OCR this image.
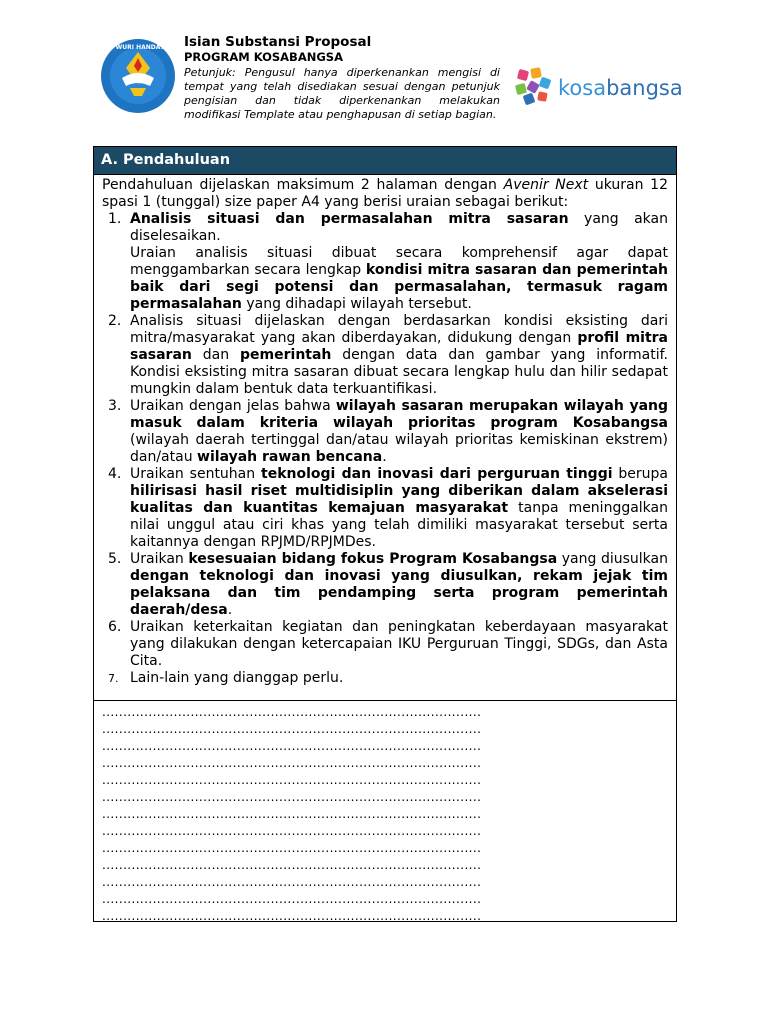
TUT WURI HANDAYANI Isian Substansi Proposal
PROGRAM KOSABANGSA
Petunjuk: Pengusul hanya diperkenankan mengisi di tempat yang telah disediakan sesuai dengan petunjuk pengisian dan tidak diperkenankan melakukan modifikasi Template atau penghapusan di setiap bagian.
kosabangsa
A. Pendahuluan

Pendahuluan dijelaskan maksimum 2 halaman dengan Avenir Next ukuran 12 spasi 1 (tunggal) size paper A4 yang berisi uraian sebagai berikut:

1. Analisis situasi dan permasalahan mitra sasaran yang akan diselesaikan.
Uraian analisis situasi dibuat secara komprehensif agar dapat menggambarkan secara lengkap kondisi mitra sasaran dan pemerintah baik dari segi potensi dan permasalahan, termasuk ragam permasalahan yang dihadapi wilayah tersebut.
2. Analisis situasi dijelaskan dengan berdasarkan kondisi eksisting dari mitra/masyarakat yang akan diberdayakan, didukung dengan profil mitra sasaran dan pemerintah dengan data dan gambar yang informatif. Kondisi eksisting mitra sasaran dibuat secara lengkap hulu dan hilir sedapat mungkin dalam bentuk data terkuantifikasi.
3. Uraikan dengan jelas bahwa wilayah sasaran merupakan wilayah yang masuk dalam kriteria wilayah prioritas program Kosabangsa (wilayah daerah tertinggal dan/atau wilayah prioritas kemiskinan ekstrem) dan/atau wilayah rawan bencana.
4. Uraikan sentuhan teknologi dan inovasi dari perguruan tinggi berupa hilirisasi hasil riset multidisiplin yang diberikan dalam akselerasi kualitas dan kuantitas kemajuan masyarakat tanpa meninggalkan nilai unggul atau ciri khas yang telah dimiliki masyarakat tersebut serta kaitannya dengan RPJMD/RPJMDes.
5. Uraikan kesesuaian bidang fokus Program Kosabangsa yang diusulkan dengan teknologi dan inovasi yang diusulkan, rekam jejak tim pelaksana dan tim pendamping serta program pemerintah daerah/desa.
6. Uraikan keterkaitan kegiatan dan peningkatan keberdayaan masyarakat yang dilakukan dengan ketercapaian IKU Perguruan Tinggi, SDGs, dan Asta Cita.
7. Lain-lain yang dianggap perlu.
..........................................................................................
..........................................................................................
..........................................................................................
..........................................................................................
..........................................................................................
..........................................................................................
..........................................................................................
..........................................................................................
..........................................................................................
..........................................................................................
..........................................................................................
..........................................................................................
..........................................................................................
